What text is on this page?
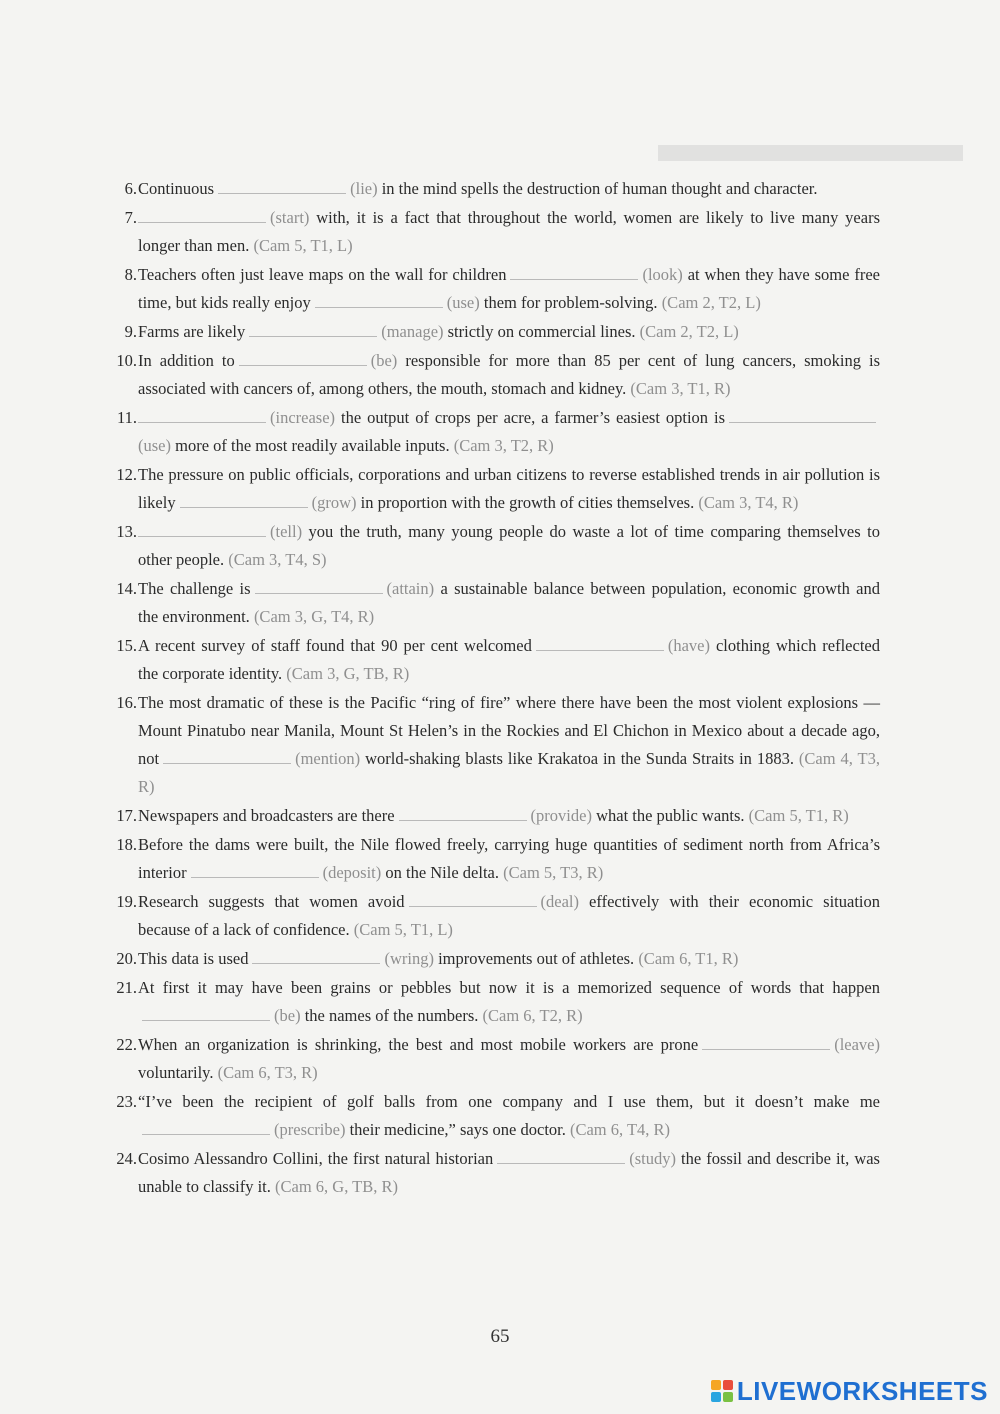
6. Continuous	(lie) in the mind spells the destruction of human thought and character.
7.	(start) with, it is a fact that throughout the world, women are likely to live many years longer than men. (Cam 5, T1, L)
8. Teachers often just leave maps on the wall for children	(look) at when they have some free time, but kids really enjoy	(use) them for problem-solving. (Cam 2, T2, L)
9. Farms are likely	(manage) strictly on commercial lines. (Cam 2, T2, L)
10. In addition to	(be) responsible for more than 85 per cent of lung cancers, smoking is associated with cancers of, among others, the mouth, stomach and kidney. (Cam 3, T1, R)
11.	(increase) the output of crops per acre, a farmer’s easiest option is(use) more of the most readily available inputs. (Cam 3, T2, R)
12. The pressure on public officials, corporations and urban citizens to reverse established trends in air pollution is likely	(grow) in proportion with the growth of cities themselves. (Cam 3, T4, R)
13.	(tell) you the truth, many young people do waste a lot of time comparing themselves to other people. (Cam 3, T4, S)
14. The challenge is	(attain) a sustainable balance between population, economic growth and the environment. (Cam 3, G, T4, R)
15. A recent survey of staff found that 90 per cent welcomed	(have) clothing which reflected the corporate identity. (Cam 3, G, TB, R)
16. The most dramatic of these is the Pacific “ring of fire” where there have been the most violent explosions — Mount Pinatubo near Manila, Mount St Helen’s in the Rockies and El Chichon in Mexico about a decade ago, not	(mention) world-shaking blasts like Krakatoa in the Sunda Straits in 1883. (Cam 4, T3, R)
17. Newspapers and broadcasters are there	(provide) what the public wants. (Cam 5, T1, R)
18. Before the dams were built, the Nile flowed freely, carrying huge quantities of sediment north from Africa’s interior	(deposit) on the Nile delta. (Cam 5, T3, R)
19. Research suggests that women avoid	(deal) effectively with their economic situation because of a lack of confidence. (Cam 5, T1, L)
20. This data is used	(wring) improvements out of athletes. (Cam 6, T1, R)
21. At first it may have been grains or pebbles but now it is a memorized sequence of words that happen(be) the names of the numbers. (Cam 6, T2, R)
22. When an organization is shrinking, the best and most mobile workers are prone	(leave) voluntarily. (Cam 6, T3, R)
23. “I’ve been the recipient of golf balls from one company and I use them, but it doesn’t make me(prescribe) their medicine,” says one doctor. (Cam 6, T4, R)
24. Cosimo Alessandro Collini, the first natural historian	(study) the fossil and describe it, was unable to classify it. (Cam 6, G, TB, R)
65
LIVEWORKSHEETS
